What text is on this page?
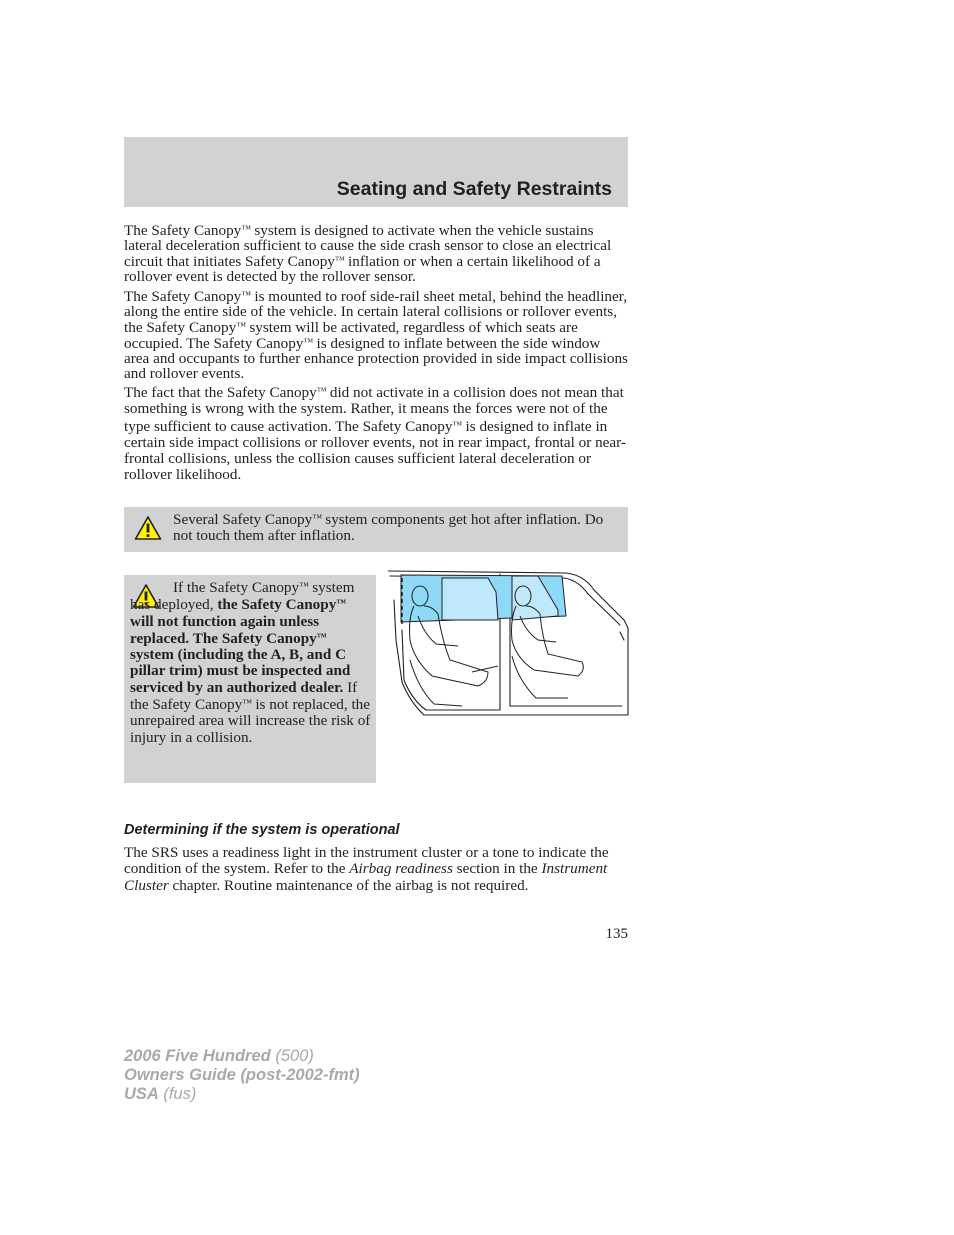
Seating and Safety Restraints

The Safety Canopy™ system is designed to activate when the vehicle sustains lateral deceleration sufficient to cause the side crash sensor to close an electrical circuit that initiates Safety Canopy™ inflation or when a certain likelihood of a rollover event is detected by the rollover sensor.

The Safety Canopy™ is mounted to roof side-rail sheet metal, behind the headliner, along the entire side of the vehicle. In certain lateral collisions or rollover events, the Safety Canopy™ system will be activated, regardless of which seats are occupied. The Safety Canopy™ is designed to inflate between the side window area and occupants to further enhance protection provided in side impact collisions and rollover events.

The fact that the Safety Canopy™ did not activate in a collision does not mean that something is wrong with the system. Rather, it means the forces were not of the type sufficient to cause activation. The Safety Canopy™ is designed to inflate in certain side impact collisions or rollover events, not in rear impact, frontal or near-frontal collisions, unless the collision causes sufficient lateral deceleration or rollover likelihood.

Several Safety Canopy™ system components get hot after inflation. Do not touch them after inflation.

If the Safety Canopy™ system has deployed, the Safety Canopy™ will not function again unless replaced. The Safety Canopy™ system (including the A, B, and C pillar trim) must be inspected and serviced by an authorized dealer. If the Safety Canopy™ is not replaced, the unrepaired area will increase the risk of injury in a collision.

Determining if the system is operational

The SRS uses a readiness light in the instrument cluster or a tone to indicate the condition of the system. Refer to the Airbag readiness section in the Instrument Cluster chapter. Routine maintenance of the airbag is not required.

135
2006 Five Hundred (500)
Owners Guide (post-2002-fmt)
USA (fus)
